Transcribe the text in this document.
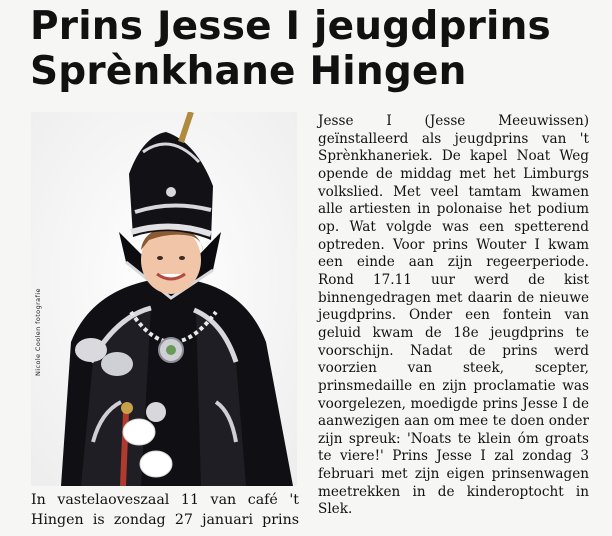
Prins Jesse I jeugdprins
Sprènkhane Hingen

In vastelaoveszaal 11 van café 't

Hingen is zondag 27 januari prins

Jesse I (Jesse Meeuwissen) geïnstalleerd als jeugdprins van 't Sprènkhaneriek. De kapel Noat Weg opende de middag met het Limburgs volkslied. Met veel tamtam kwamen alle artiesten in polonaise het podium op. Wat volgde was een spetterend optreden. Voor prins Wouter I kwam een einde aan zijn regeerperiode. Rond 17.11 uur werd de kist binnengedragen met daarin de nieuwe jeugdprins. Onder een fontein van geluid kwam de 18e jeugdprins te voorschijn. Nadat de prins werd voorzien van steek, scepter, prinsmedaille en zijn proclamatie was voorgelezen, moedigde prins Jesse I de aanwezigen aan om mee te doen onder zijn spreuk: 'Noats te klein óm groats te viere!' Prins Jesse I zal zondag 3 februari met zijn eigen prinsenwagen meetrekken in de kinderoptocht in Slek.
